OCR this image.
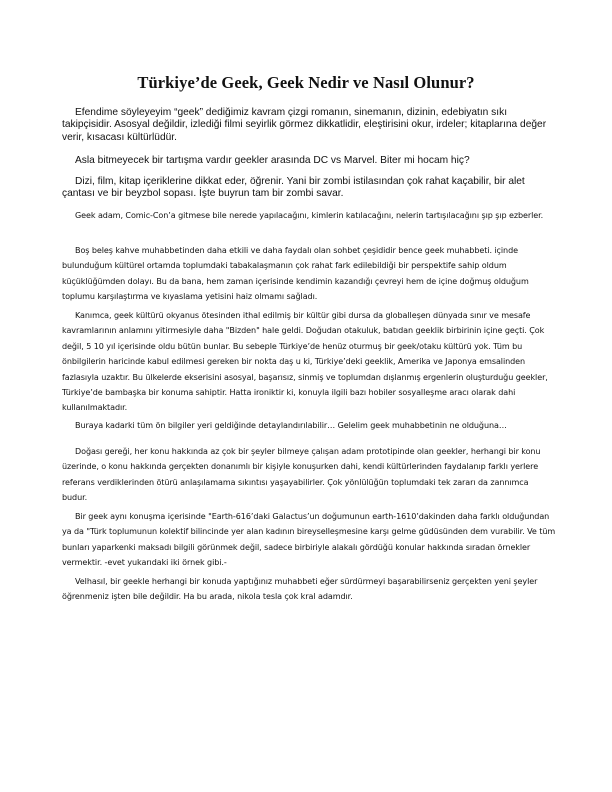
Türkiye’de Geek, Geek Nedir ve Nasıl Olunur?

Efendime söyleyeyim “geek” dediğimiz kavram çizgi romanın, sinemanın, dizinin, edebiyatın sıkı takipçisidir. Asosyal değildir, izlediği filmi seyirlik görmez dikkatlidir, eleştirisini okur, irdeler; kitaplarına değer verir, kısacası kültürlüdür.

Asla bitmeyecek bir tartışma vardır geekler arasında DC vs Marvel. Biter mi hocam hiç?

Dizi, film, kitap içeriklerine dikkat eder, öğrenir. Yani bir zombi istilasından çok rahat kaçabilir, bir alet çantası ve bir beyzbol sopası. İşte buyrun tam bir zombi savar.

Geek adam, Comic-Con’a gitmese bile nerede yapılacağını, kimlerin katılacağını, nelerin tartışılacağını şıp şıp ezberler.

Boş beleş kahve muhabbetinden daha etkili ve daha faydalı olan sohbet çeşididir bence geek muhabbeti. içinde bulunduğum kültürel ortamda toplumdaki tabakalaşmanın çok rahat fark edilebildiği bir perspektife sahip oldum küçüklüğümden dolayı. Bu da bana, hem zaman içerisinde kendimin kazandığı çevreyi hem de içine doğmuş olduğum toplumu karşılaştırma ve kıyaslama yetisini haiz olmamı sağladı.

Kanımca, geek kültürü okyanus ötesinden ithal edilmiş bir kültür gibi dursa da globalleşen dünyada sınır ve mesafe kavramlarının anlamını yitirmesiyle daha "Bizden" hale geldi. Doğudan otakuluk, batıdan geeklik birbirinin içine geçti. Çok değil, 5 10 yıl içerisinde oldu bütün bunlar. Bu sebeple Türkiye’de henüz oturmuş bir geek/otaku kültürü yok. Tüm bu önbilgilerin haricinde kabul edilmesi gereken bir nokta daş u ki, Türkiye’deki geeklik, Amerika ve Japonya emsalinden fazlasıyla uzaktır. Bu ülkelerde ekserisini asosyal, başarısız, sinmiş ve toplumdan dışlanmış ergenlerin oluşturduğu geekler, Türkiye’de bambaşka bir konuma sahiptir. Hatta ironiktir ki, konuyla ilgili bazı hobiler sosyalleşme aracı olarak dahi kullanılmaktadır.

Buraya kadarki tüm ön bilgiler yeri geldiğinde detaylandırılabilir… Gelelim geek muhabbetinin ne olduğuna…

Doğası gereği, her konu hakkında az çok bir şeyler bilmeye çalışan adam prototipinde olan geekler, herhangi bir konu üzerinde, o konu hakkında gerçekten donanımlı bir kişiyle konuşurken dahi, kendi kültürlerinden faydalanıp farklı yerlere referans verdiklerinden ötürü anlaşılamama sıkıntısı yaşayabilirler. Çok yönlülüğün toplumdaki tek zararı da zannımca budur.

Bir geek aynı konuşma içerisinde "Earth-616’daki Galactus’un doğumunun earth-1610’dakinden daha farklı olduğundan ya da "Türk toplumunun kolektif bilincinde yer alan kadının bireyselleşmesine karşı gelme güdüsünden dem vurabilir. Ve tüm bunları yaparkenki maksadı bilgili görünmek değil, sadece birbiriyle alakalı gördüğü konular hakkında sıradan örnekler vermektir. -evet yukarıdaki iki örnek gibi.-

Velhasıl, bir geekle herhangi bir konuda yaptığınız muhabbeti eğer sürdürmeyi başarabilirseniz gerçekten yeni şeyler öğrenmeniz işten bile değildir. Ha bu arada, nikola tesla çok kral adamdır.
